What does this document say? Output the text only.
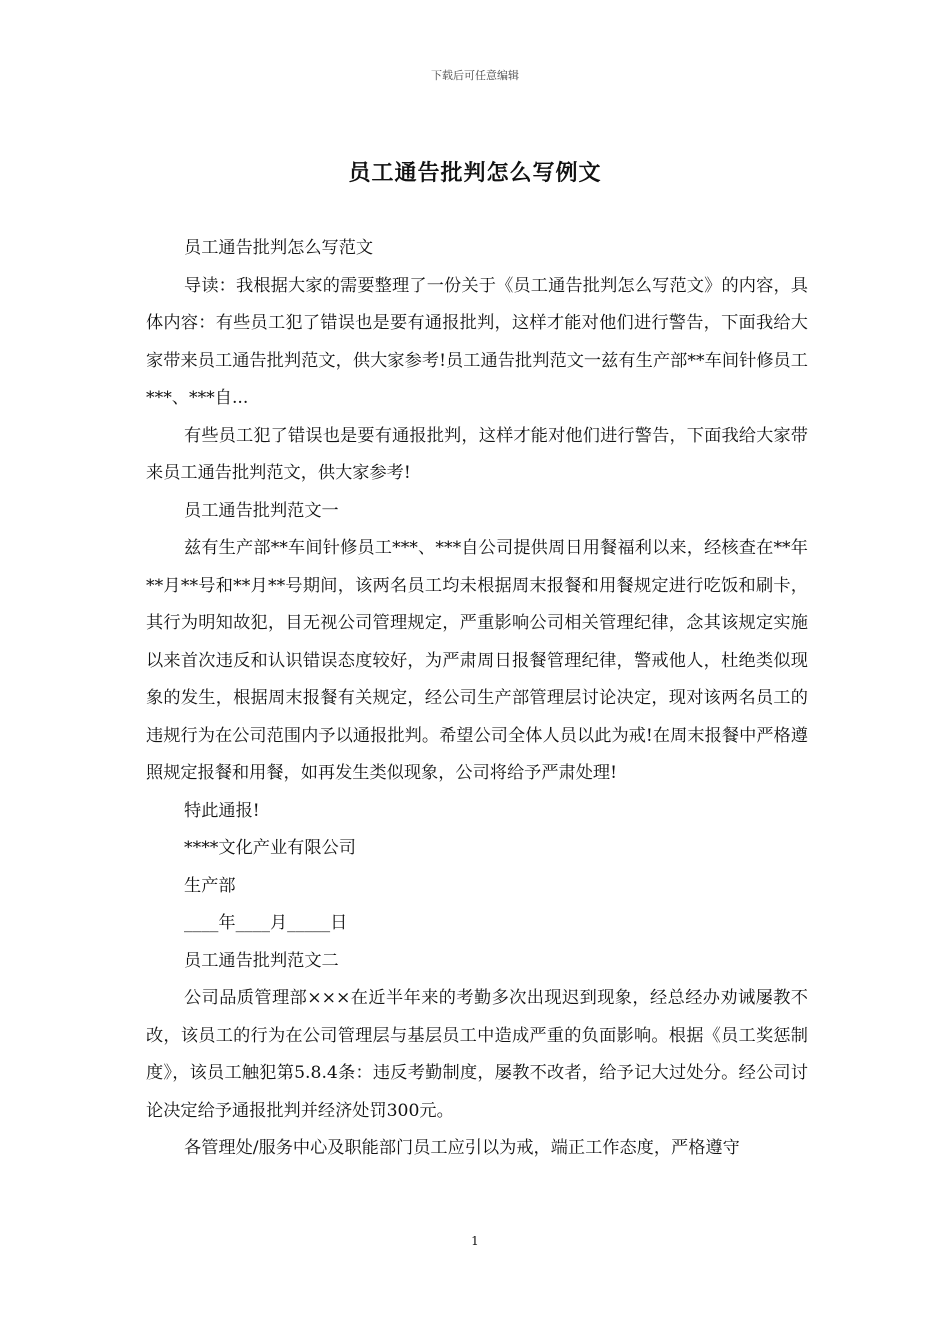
下载后可任意编辑
员工通告批判怎么写例文

员工通告批判怎么写范文

导读：我根据大家的需要整理了一份关于《员工通告批判怎么写范文》的内容，具体内容：有些员工犯了错误也是要有通报批判，这样才能对他们进行警告，下面我给大家带来员工通告批判范文，供大家参考!员工通告批判范文一兹有生产部**车间针修员工***、***自...

有些员工犯了错误也是要有通报批判，这样才能对他们进行警告，下面我给大家带来员工通告批判范文，供大家参考!

员工通告批判范文一

兹有生产部**车间针修员工***、***自公司提供周日用餐福利以来，经核查在**年**月**号和**月**号期间，该两名员工均未根据周末报餐和用餐规定进行吃饭和刷卡，其行为明知故犯，目无视公司管理规定，严重影响公司相关管理纪律，念其该规定实施以来首次违反和认识错误态度较好，为严肃周日报餐管理纪律，警戒他人，杜绝类似现象的发生，根据周末报餐有关规定，经公司生产部管理层讨论决定，现对该两名员工的违规行为在公司范围内予以通报批判。希望公司全体人员以此为戒!在周末报餐中严格遵照规定报餐和用餐，如再发生类似现象，公司将给予严肃处理!

特此通报!

****文化产业有限公司

生产部

____年____月_____日

员工通告批判范文二

公司品质管理部×××在近半年来的考勤多次出现迟到现象，经总经办劝诫屡教不改，该员工的行为在公司管理层与基层员工中造成严重的负面影响。根据《员工奖惩制度》，该员工触犯第5.8.4条：违反考勤制度，屡教不改者，给予记大过处分。经公司讨论决定给予通报批判并经济处罚300元。

各管理处/服务中心及职能部门员工应引以为戒，端正工作态度，严格遵守

1
